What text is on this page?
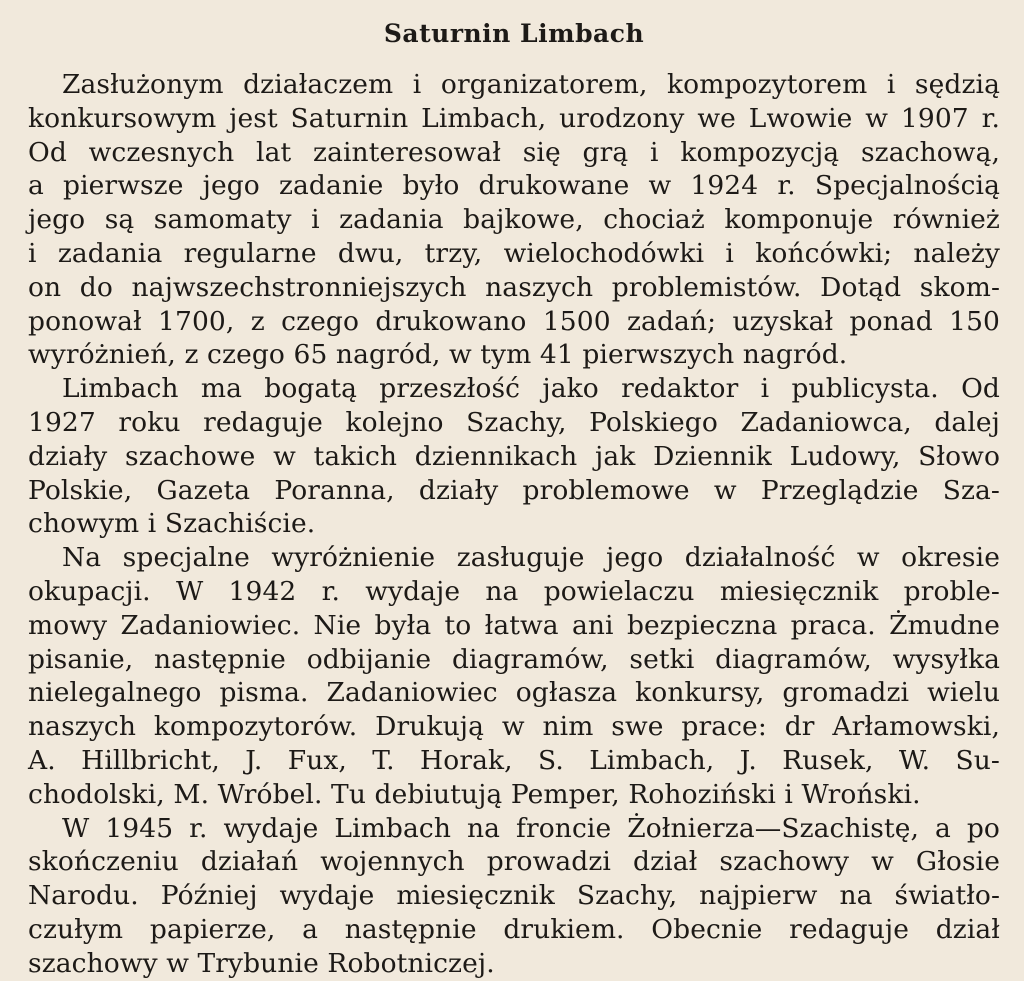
Saturnin Limbach
Zasłużonym działaczem i organizatorem, kompozytorem i sędzią
konkursowym jest Saturnin Limbach, urodzony we Lwowie w 1907 r.
Od wczesnych lat zainteresował się grą i kompozycją szachową,
a pierwsze jego zadanie było drukowane w 1924 r. Specjalnością
jego są samomaty i zadania bajkowe, chociaż komponuje również
i zadania regularne dwu, trzy, wielochodówki i końcówki; należy
on do najwszechstronniejszych naszych problemistów. Dotąd skom-
ponował 1700, z czego drukowano 1500 zadań; uzyskał ponad 150
wyróżnień, z czego 65 nagród, w tym 41 pierwszych nagród.
Limbach ma bogatą przeszłość jako redaktor i publicysta. Od
1927 roku redaguje kolejno Szachy, Polskiego Zadaniowca, dalej
działy szachowe w takich dziennikach jak Dziennik Ludowy, Słowo
Polskie, Gazeta Poranna, działy problemowe w Przeglądzie Sza-
chowym i Szachiście.
Na specjalne wyróżnienie zasługuje jego działalność w okresie
okupacji. W 1942 r. wydaje na powielaczu miesięcznik proble-
mowy Zadaniowiec. Nie była to łatwa ani bezpieczna praca. Żmudne
pisanie, następnie odbijanie diagramów, setki diagramów, wysyłka
nielegalnego pisma. Zadaniowiec ogłasza konkursy, gromadzi wielu
naszych kompozytorów. Drukują w nim swe prace: dr Arłamowski,
A. Hillbricht, J. Fux, T. Horak, S. Limbach, J. Rusek, W. Su-
chodolski, M. Wróbel. Tu debiutują Pemper, Rohoziński i Wroński.
W 1945 r. wydaje Limbach na froncie Żołnierza—Szachistę, a po
skończeniu działań wojennych prowadzi dział szachowy w Głosie
Narodu. Później wydaje miesięcznik Szachy, najpierw na światło-
czułym papierze, a następnie drukiem. Obecnie redaguje dział
szachowy w Trybunie Robotniczej.
